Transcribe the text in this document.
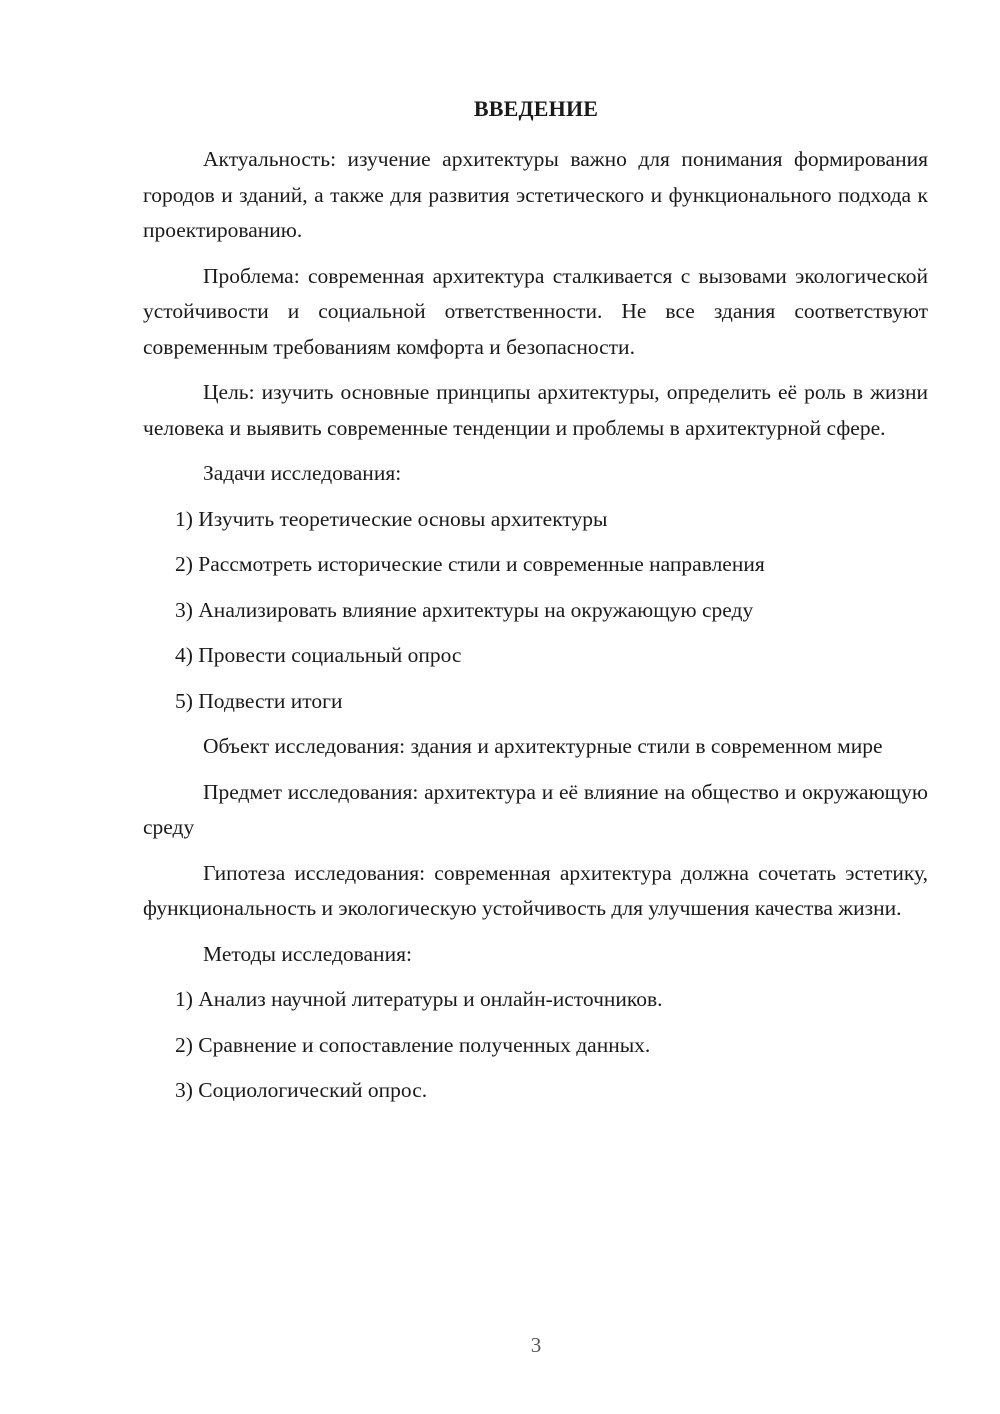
ВВЕДЕНИЕ

Актуальность: изучение архитектуры важно для понимания формирования городов и зданий, а также для развития эстетического и функционального подхода к проектированию.

Проблема: современная архитектура сталкивается с вызовами экологической устойчивости и социальной ответственности. Не все здания соответствуют современным требованиям комфорта и безопасности.

Цель: изучить основные принципы архитектуры, определить её роль в жизни человека и выявить современные тенденции и проблемы в архитектурной сфере.

Задачи исследования:

1) Изучить теоретические основы архитектуры

2) Рассмотреть исторические стили и современные направления

3) Анализировать влияние архитектуры на окружающую среду

4) Провести социальный опрос

5) Подвести итоги

Объект исследования: здания и архитектурные стили в современном мире

Предмет исследования: архитектура и её влияние на общество и окружающую среду

Гипотеза исследования: современная архитектура должна сочетать эстетику, функциональность и экологическую устойчивость для улучшения качества жизни.

Методы исследования:

1) Анализ научной литературы и онлайн-источников.

2) Сравнение и сопоставление полученных данных.

3) Социологический опрос.

3
